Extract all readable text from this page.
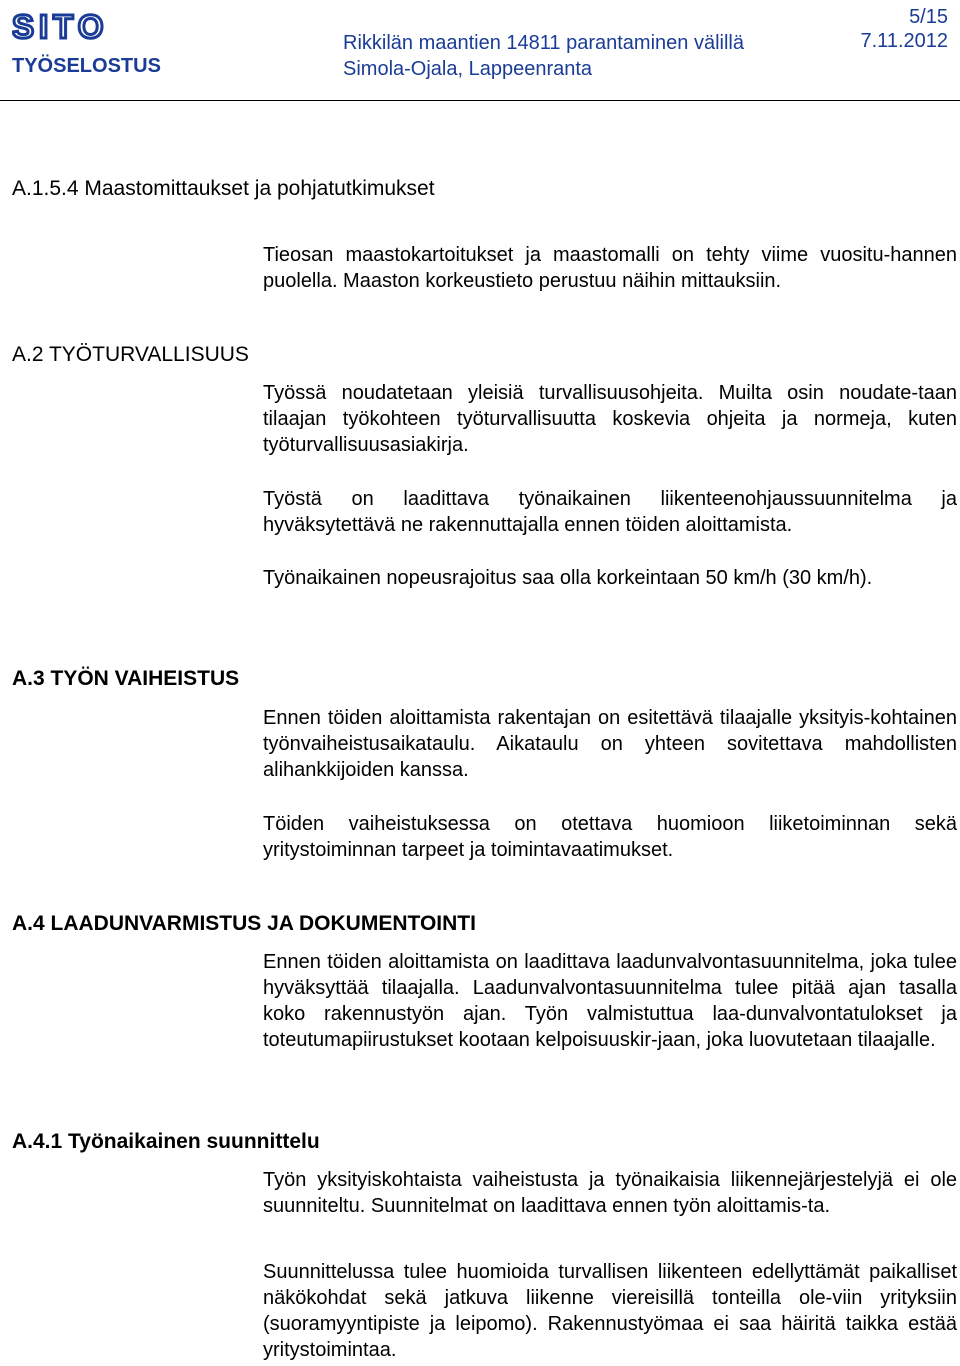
SITO
TYÖSELOSTUS
Rikkilän maantien 14811 parantaminen välillä
Simola-Ojala, Lappeenranta
5/15
7.11.2012
A.1.5.4 Maastomittaukset ja pohjatutkimukset

Tieosan maastokartoitukset ja maastomalli on tehty viime vuositu-hannen puolella. Maaston korkeustieto perustuu näihin mittauksiin.

A.2 TYÖTURVALLISUUS

Työssä noudatetaan yleisiä turvallisuusohjeita. Muilta osin noudate-taan tilaajan työkohteen työturvallisuutta koskevia ohjeita ja normeja, kuten työturvallisuusasiakirja.

Työstä on laadittava työnaikainen liikenteenohjaussuunnitelma ja hyväksytettävä ne rakennuttajalla ennen töiden aloittamista.

Työnaikainen nopeusrajoitus saa olla korkeintaan 50 km/h (30 km/h).

A.3 TYÖN VAIHEISTUS

Ennen töiden aloittamista rakentajan on esitettävä tilaajalle yksityis-kohtainen työnvaiheistusaikataulu. Aikataulu on yhteen sovitettava mahdollisten alihankkijoiden kanssa.

Töiden vaiheistuksessa on otettava huomioon liiketoiminnan sekä yritystoiminnan tarpeet ja toimintavaatimukset.

A.4 LAADUNVARMISTUS JA DOKUMENTOINTI

Ennen töiden aloittamista on laadittava laadunvalvontasuunnitelma, joka tulee hyväksyttää tilaajalla. Laadunvalvontasuunnitelma tulee pitää ajan tasalla koko rakennustyön ajan. Työn valmistuttua laa-dunvalvontatulokset ja toteutumapiirustukset kootaan kelpoisuuskir-jaan, joka luovutetaan tilaajalle.

A.4.1 Työnaikainen suunnittelu

Työn yksityiskohtaista vaiheistusta ja työnaikaisia liikennejärjestelyjä ei ole suunniteltu. Suunnitelmat on laadittava ennen työn aloittamis-ta.

Suunnittelussa tulee huomioida turvallisen liikenteen edellyttämät paikalliset näkökohdat sekä jatkuva liikenne viereisillä tonteilla ole-viin yrityksiin (suoramyyntipiste ja leipomo). Rakennustyömaa ei saa häiritä taikka estää yritystoimintaa.
